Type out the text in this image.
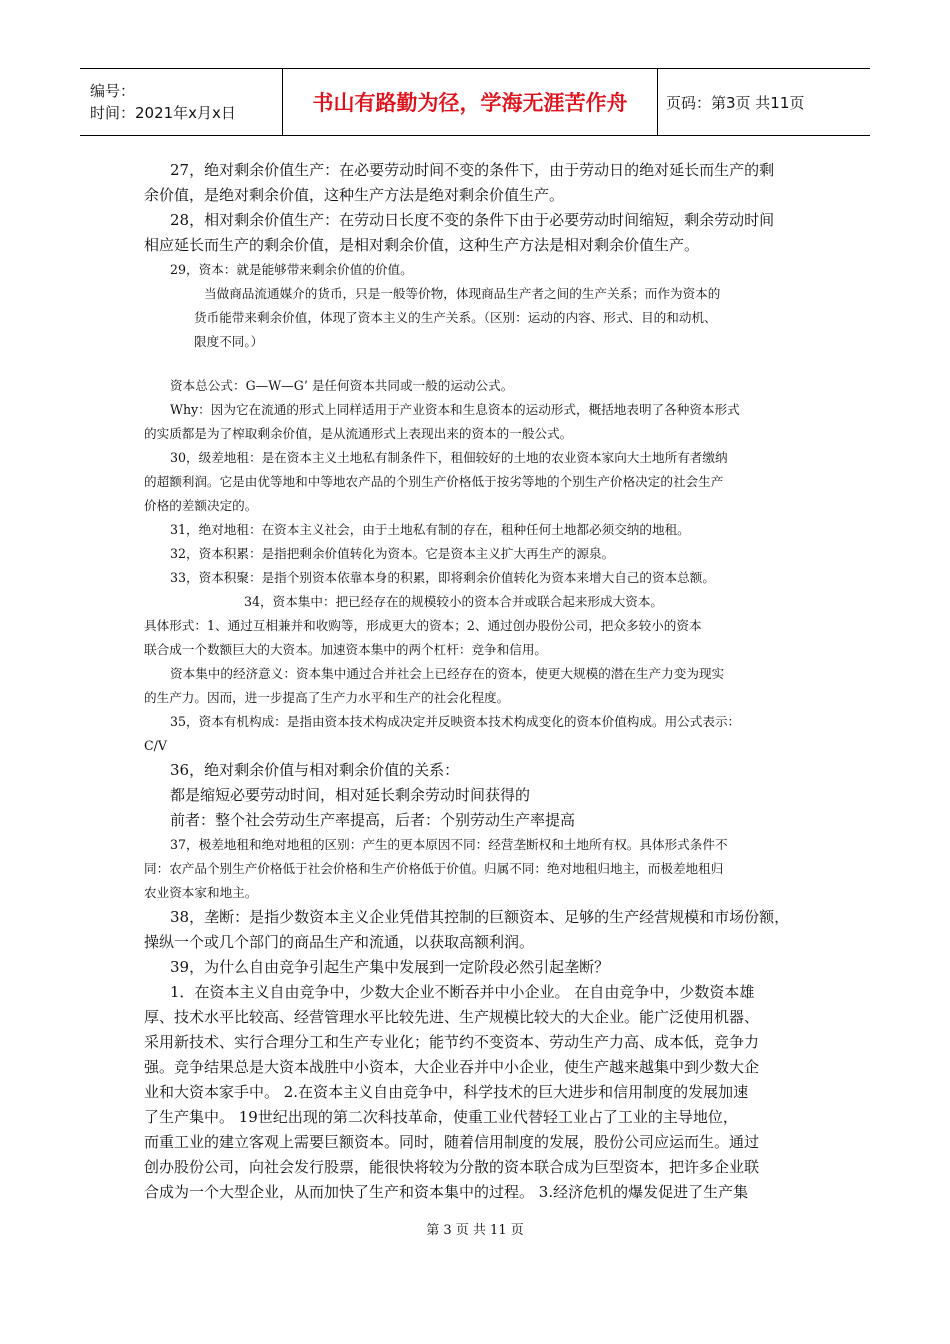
编号：
时间：2021年x月x日	书山有路勤为径，学海无涯苦作舟	页码：第3页 共11页
27，绝对剩余价值生产：在必要劳动时间不变的条件下，由于劳动日的绝对延长而生产的剩
余价值，是绝对剩余价值，这种生产方法是绝对剩余价值生产。
28，相对剩余价值生产：在劳动日长度不变的条件下由于必要劳动时间缩短，剩余劳动时间
相应延长而生产的剩余价值，是相对剩余价值，这种生产方法是相对剩余价值生产。
29，资本：就是能够带来剩余价值的价值。
当做商品流通媒介的货币，只是一般等价物，体现商品生产者之间的生产关系；而作为资本的
货币能带来剩余价值，体现了资本主义的生产关系。（区别：运动的内容、形式、目的和动机、
限度不同。）
资本总公式：G—W—G’ 是任何资本共同或一般的运动公式。
Why：因为它在流通的形式上同样适用于产业资本和生息资本的运动形式，概括地表明了各种资本形式
的实质都是为了榨取剩余价值，是从流通形式上表现出来的资本的一般公式。
30，级差地租：是在资本主义土地私有制条件下，租佃较好的土地的农业资本家向大土地所有者缴纳
的超额利润。它是由优等地和中等地农产品的个别生产价格低于按劣等地的个别生产价格决定的社会生产
价格的差额决定的。
31，绝对地租：在资本主义社会，由于土地私有制的存在，租种任何土地都必须交纳的地租。
32，资本积累：是指把剩余价值转化为资本。它是资本主义扩大再生产的源泉。
33，资本积聚：是指个别资本依靠本身的积累，即将剩余价值转化为资本来增大自己的资本总额。
34，资本集中：把已经存在的规模较小的资本合并或联合起来形成大资本。
具体形式：1、通过互相兼并和收购等，形成更大的资本；2、通过创办股份公司，把众多较小的资本
联合成一个数额巨大的大资本。加速资本集中的两个杠杆：竞争和信用。
资本集中的经济意义：资本集中通过合并社会上已经存在的资本，使更大规模的潜在生产力变为现实
的生产力。因而，进一步提高了生产力水平和生产的社会化程度。
35，资本有机构成：是指由资本技术构成决定并反映资本技术构成变化的资本价值构成。用公式表示：
C/V
36，绝对剩余价值与相对剩余价值的关系：
都是缩短必要劳动时间，相对延长剩余劳动时间获得的
前者：整个社会劳动生产率提高，后者：个别劳动生产率提高
37，极差地租和绝对地租的区别：产生的更本原因不同：经营垄断权和土地所有权。具体形式条件不
同：农产品个别生产价格低于社会价格和生产价格低于价值。归属不同：绝对地租归地主，而极差地租归
农业资本家和地主。
38，垄断：是指少数资本主义企业凭借其控制的巨额资本、足够的生产经营规模和市场份额，
操纵一个或几个部门的商品生产和流通，以获取高额利润。
39，为什么自由竞争引起生产集中发展到一定阶段必然引起垄断？
1．在资本主义自由竞争中，少数大企业不断吞并中小企业。 在自由竞争中，少数资本雄
厚、技术水平比较高、经营管理水平比较先进、生产规模比较大的大企业。能广泛使用机器、
采用新技术、实行合理分工和生产专业化；能节约不变资本、劳动生产力高、成本低，竞争力
强。竞争结果总是大资本战胜中小资本，大企业吞并中小企业，使生产越来越集中到少数大企
业和大资本家手中。 2.在资本主义自由竞争中，科学技术的巨大进步和信用制度的发展加速
了生产集中。 19世纪出现的第二次科技革命，使重工业代替轻工业占了工业的主导地位，
而重工业的建立客观上需要巨额资本。同时，随着信用制度的发展，股份公司应运而生。通过
创办股份公司，向社会发行股票，能很快将较为分散的资本联合成为巨型资本，把许多企业联
合成为一个大型企业，从而加快了生产和资本集中的过程。 3.经济危机的爆发促进了生产集
第 3 页 共 11 页
